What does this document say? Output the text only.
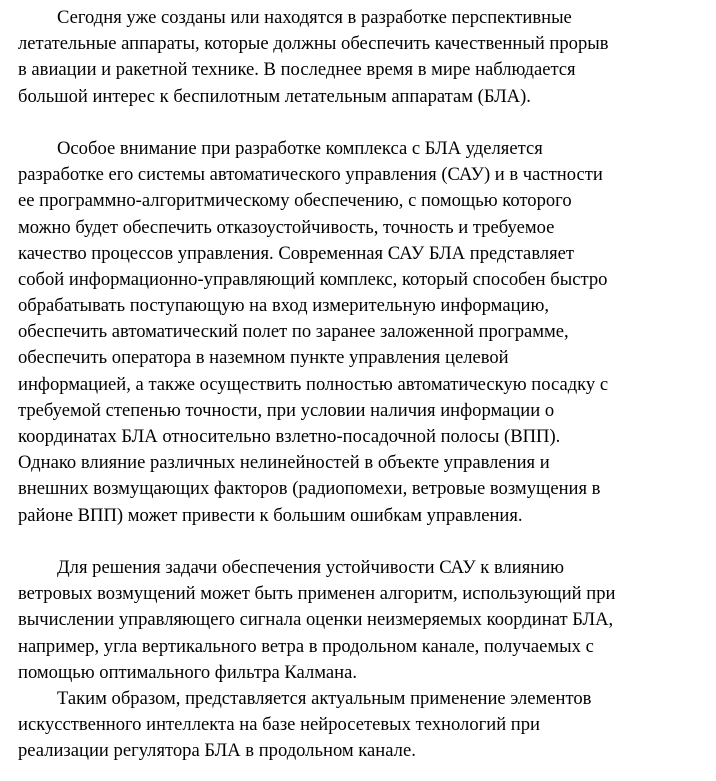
Сегодня уже созданы или находятся в разработке перспективные
летательные аппараты, которые должны обеспечить качественный прорыв
в авиации и ракетной технике. В последнее время в мире наблюдается
большой интерес к беспилотным летательным аппаратам (БЛА).
Особое внимание при разработке комплекса с БЛА уделяется
разработке его системы автоматического управления (САУ) и в частности
ее программно-алгоритмическому обеспечению, с помощью которого
можно будет обеспечить отказоустойчивость, точность и требуемое
качество процессов управления. Современная САУ БЛА представляет
собой информационно-управляющий комплекс, который способен быстро
обрабатывать поступающую на вход измерительную информацию,
обеспечить автоматический полет по заранее заложенной программе,
обеспечить оператора в наземном пункте управления целевой
информацией, а также осуществить полностью автоматическую посадку с
требуемой степенью точности, при условии наличия информации о
координатах БЛА относительно взлетно-посадочной полосы (ВПП).
Однако влияние различных нелинейностей в объекте управления и
внешних возмущающих факторов (радиопомехи, ветровые возмущения в
районе ВПП) может привести к большим ошибкам управления.
Для решения задачи обеспечения устойчивости САУ к влиянию
ветровых возмущений может быть применен алгоритм, использующий при
вычислении управляющего сигнала оценки неизмеряемых координат БЛА,
например, угла вертикального ветра в продольном канале, получаемых с
помощью оптимального фильтра Калмана.
Таким образом, представляется актуальным применение элементов
искусственного интеллекта на базе нейросетевых технологий при
реализации регулятора БЛА в продольном канале.
